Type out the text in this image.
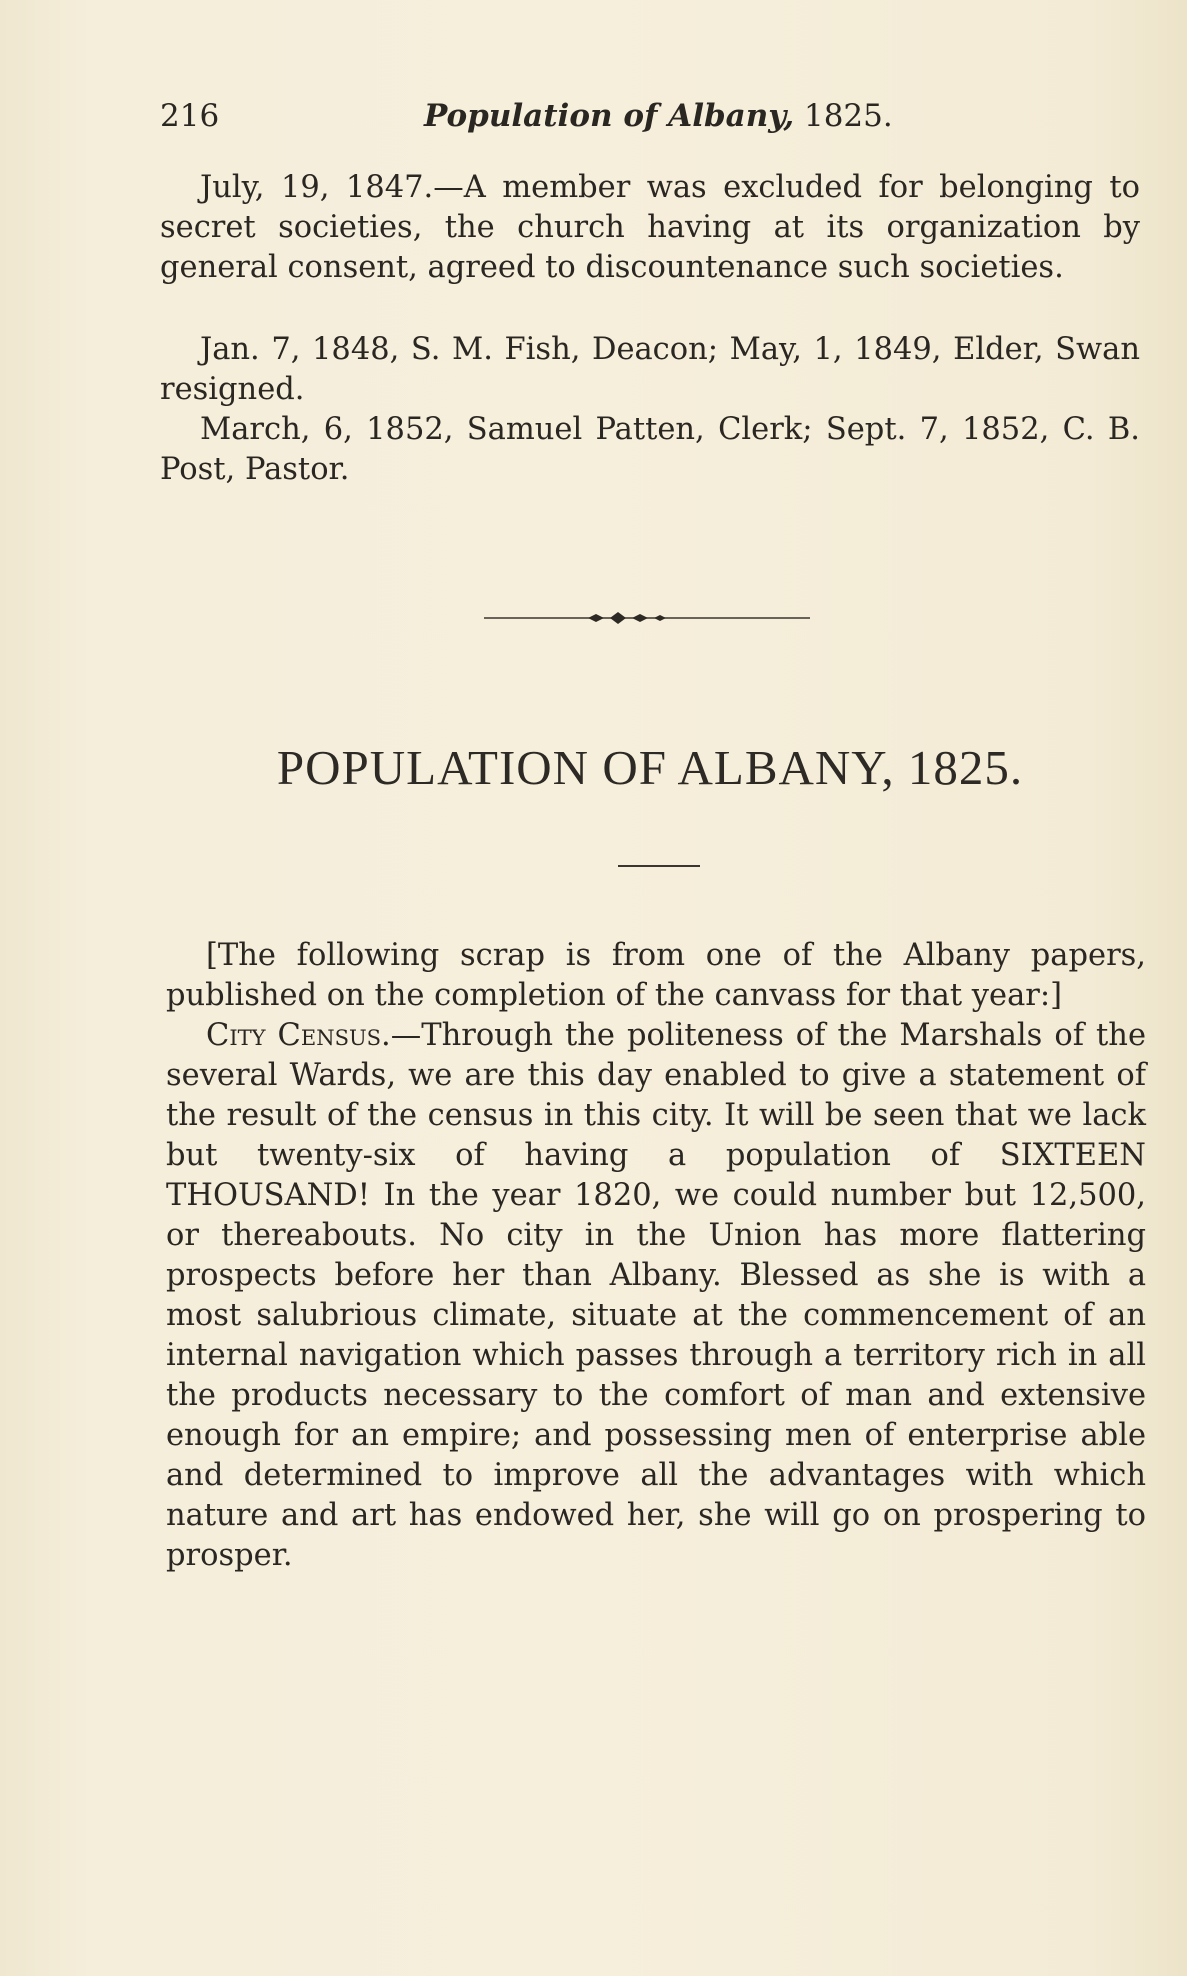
216	Population of Albany, 1825.

July, 19, 1847.—A member was excluded for belonging to secret societies, the church having at its organization by general consent, agreed to discountenance such societies.

Jan. 7, 1848, S. M. Fish, Deacon; May, 1, 1849, Elder, Swan resigned.

March, 6, 1852, Samuel Patten, Clerk; Sept. 7, 1852, C. B. Post, Pastor.

POPULATION OF ALBANY, 1825.

[The following scrap is from one of the Albany papers, published on the completion of the canvass for that year:]

City Census.—Through the politeness of the Marshals of the several Wards, we are this day enabled to give a statement of the result of the census in this city. It will be seen that we lack but twenty-six of having a population of SIXTEEN THOUSAND! In the year 1820, we could number but 12,500, or thereabouts. No city in the Union has more flattering prospects before her than Albany. Blessed as she is with a most salubrious climate, situate at the commencement of an internal navigation which passes through a territory rich in all the products necessary to the comfort of man and extensive enough for an empire; and possessing men of enterprise able and determined to improve all the advantages with which nature and art has endowed her, she will go on prospering to prosper.
